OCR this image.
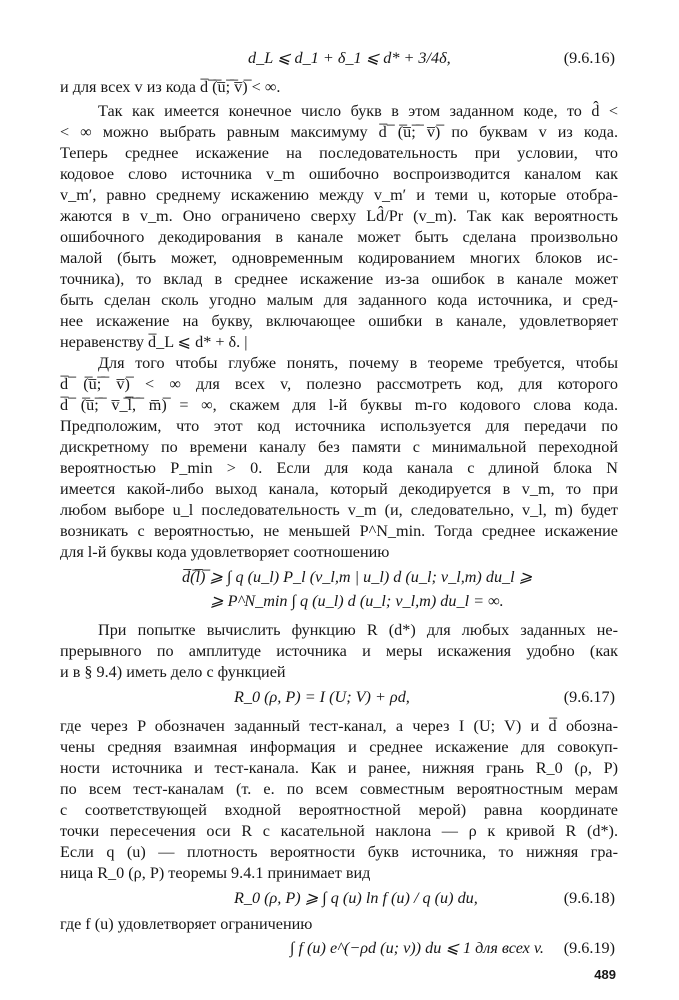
d_L ⩽ d_1 + δ_1 ⩽ d* + 3/4δ,	(9.6.16)
и для всех v из кода d̅ ̅(̅u̅;̅ ̅v̅)̅ < ∞.
Так как имеется конечное число букв в этом заданном коде, то d̂ <
< ∞ можно выбрать равным максимуму d̅ ̅(̅u̅;̅ ̅v̅)̅ по буквам v из кода.
Теперь среднее искажение на последовательность при условии, что
кодовое слово источника v_m ошибочно воспроизводится каналом как
v_m′, равно среднему искажению между v_m′ и теми u, которые отобра-
жаются в v_m. Оно ограничено сверху Ld̂/Pr (v_m). Так как вероятность
ошибочного декодирования в канале может быть сделана произвольно
малой (быть может, одновременным кодированием многих блоков ис-
точника), то вклад в среднее искажение из-за ошибок в канале может
быть сделан сколь угодно малым для заданного кода источника, и сред-
нее искажение на букву, включающее ошибки в канале, удовлетворяет
неравенству d̅_L ⩽ d* + δ. |
Для того чтобы глубже понять, почему в теореме требуется, чтобы
d̅ ̅(̅u̅;̅ ̅v̅)̅ < ∞ для всех v, полезно рассмотреть код, для которого
d̅ ̅(̅u̅;̅ ̅v̅_̅l̅,̅ ̅m̅)̅ = ∞, скажем для l-й буквы m-го кодового слова кода.
Предположим, что этот код источника используется для передачи по
дискретному по времени каналу без памяти с минимальной переходной
вероятностью P_min > 0. Если для кода канала с длиной блока N
имеется какой-либо выход канала, который декодируется в v_m, то при
любом выборе u_l последовательность v_m (и, следовательно, v_l, m) будет
возникать с вероятностью, не меньшей P^N_min. Тогда среднее искажение
для l-й буквы кода удовлетворяет соотношению
d̅(̅l̅)̅ ⩾ ∫ q (u_l) P_l (v_l,m | u_l) d (u_l; v_l,m) du_l ⩾
⩾ P^N_min ∫ q (u_l) d (u_l; v_l,m) du_l = ∞.
При попытке вычислить функцию R (d*) для любых заданных не-
прерывного по амплитуде источника и меры искажения удобно (как
и в § 9.4) иметь дело с функцией
R_0 (ρ, P) = I (U; V) + ρd,	(9.6.17)
где через P обозначен заданный тест-канал, а через I (U; V) и d̅ обозна-
чены средняя взаимная информация и среднее искажение для совокуп-
ности источника и тест-канала. Как и ранее, нижняя грань R_0 (ρ, P)
по всем тест-каналам (т. е. по всем совместным вероятностным мерам
с соответствующей входной вероятностной мерой) равна координате
точки пересечения оси R с касательной наклона — ρ к кривой R (d*).
Если q (u) — плотность вероятности букв источника, то нижняя гра-
ница R_0 (ρ, P) теоремы 9.4.1 принимает вид
R_0 (ρ, P) ⩾ ∫ q (u) ln f (u) / q (u) du,	(9.6.18)
где f (u) удовлетворяет ограничению
∫ f (u) e^(−ρd (u; v)) du ⩽ 1 для всех v.	(9.6.19)
489
